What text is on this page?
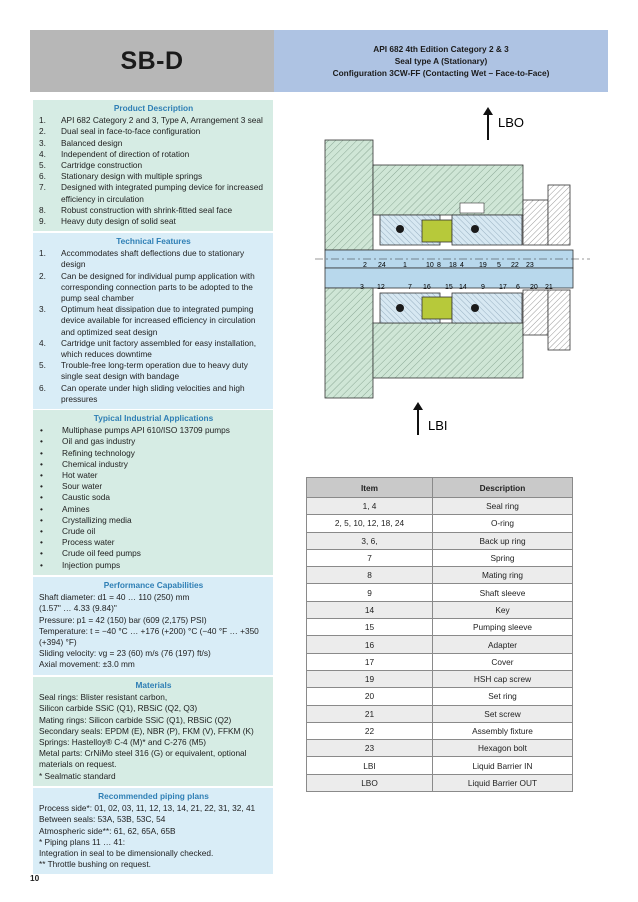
SB-D	API 682 4th Edition Category 2 & 3
Seal type A (Stationary)
Configuration 3CW-FF (Contacting Wet – Face-to-Face)
Product Description
1.	API 682 Category 2 and 3, Type A, Arrangement 3 seal
2.	Dual seal in face-to-face configuration
3.	Balanced design
4.	Independent of direction of rotation
5.	Cartridge construction
6.	Stationary design with multiple springs
7.	Designed with integrated pumping device for increased efficiency in circulation
8.	Robust construction with shrink-fitted seal face
9.	Heavy duty design of solid seat
Technical Features
1.	Accommodates shaft deflections due to stationary design
2.	Can be designed for individual pump application with corresponding connection parts to be adopted to the pump seal chamber
3.	Optimum heat dissipation due to integrated pumping device available for increased efficiency in circulation and optimized seat design
4.	Cartridge unit factory assembled for easy installation, which reduces downtime
5.	Trouble-free long-term operation due to heavy duty single seat design with bandage
6.	Can operate under high sliding velocities and high pressures
Typical Industrial Applications
•	Multiphase pumps API 610/ISO 13709 pumps
•	Oil and gas industry
•	Refining technology
•	Chemical industry
•	Hot water
•	Sour water
•	Caustic soda
•	Amines
•	Crystallizing media
•	Crude oil
•	Process water
•	Crude oil feed pumps
•	Injection pumps
Performance Capabilities
Shaft diameter: d1 = 40 … 110 (250) mm
(1.57" … 4.33 (9.84)"
Pressure: p1 = 42 (150) bar (609 (2,175) PSI)
Temperature: t = −40 °C … +176 (+200) °C (−40 °F … +350
(+394) °F)
Sliding velocity: vg = 23 (60) m/s (76 (197) ft/s)
Axial movement: ±3.0 mm
Materials
Seal rings: Blister resistant carbon,
Silicon carbide SSiC (Q1), RBSiC (Q2, Q3)
Mating rings: Silicon carbide SSiC (Q1), RBSiC (Q2)
Secondary seals: EPDM (E), NBR (P), FKM (V), FFKM (K)
Springs: Hastelloy® C-4 (M)* and C-276 (M5)
Metal parts: CrNiMo steel 316 (G) or equivalent, optional
materials on request.
* Sealmatic standard
Recommended piping plans
Process side*: 01, 02, 03, 11, 12, 13, 14, 21, 22, 31, 32, 41
Between seals: 53A, 53B, 53C, 54
Atmospheric side**: 61, 62, 65A, 65B
* Piping plans 11 … 41:
Integration in seal to be dimensionally checked.
** Throttle bushing on request.
LBO
LBI
2 24 1	10 8 18 4 19 5 22 23
3 12	7 16 15 14 9 17 6 20 21
Item	Description
1, 4	Seal ring
2, 5, 10, 12, 18, 24	O-ring
3, 6,	Back up ring
7	Spring
8	Mating ring
9	Shaft sleeve
14	Key
15	Pumping sleeve
16	Adapter
17	Cover
19	HSH cap screw
20	Set ring
21	Set screw
22	Assembly fixture
23	Hexagon bolt
LBI	Liquid Barrier IN
LBO	Liquid Barrier OUT
10
